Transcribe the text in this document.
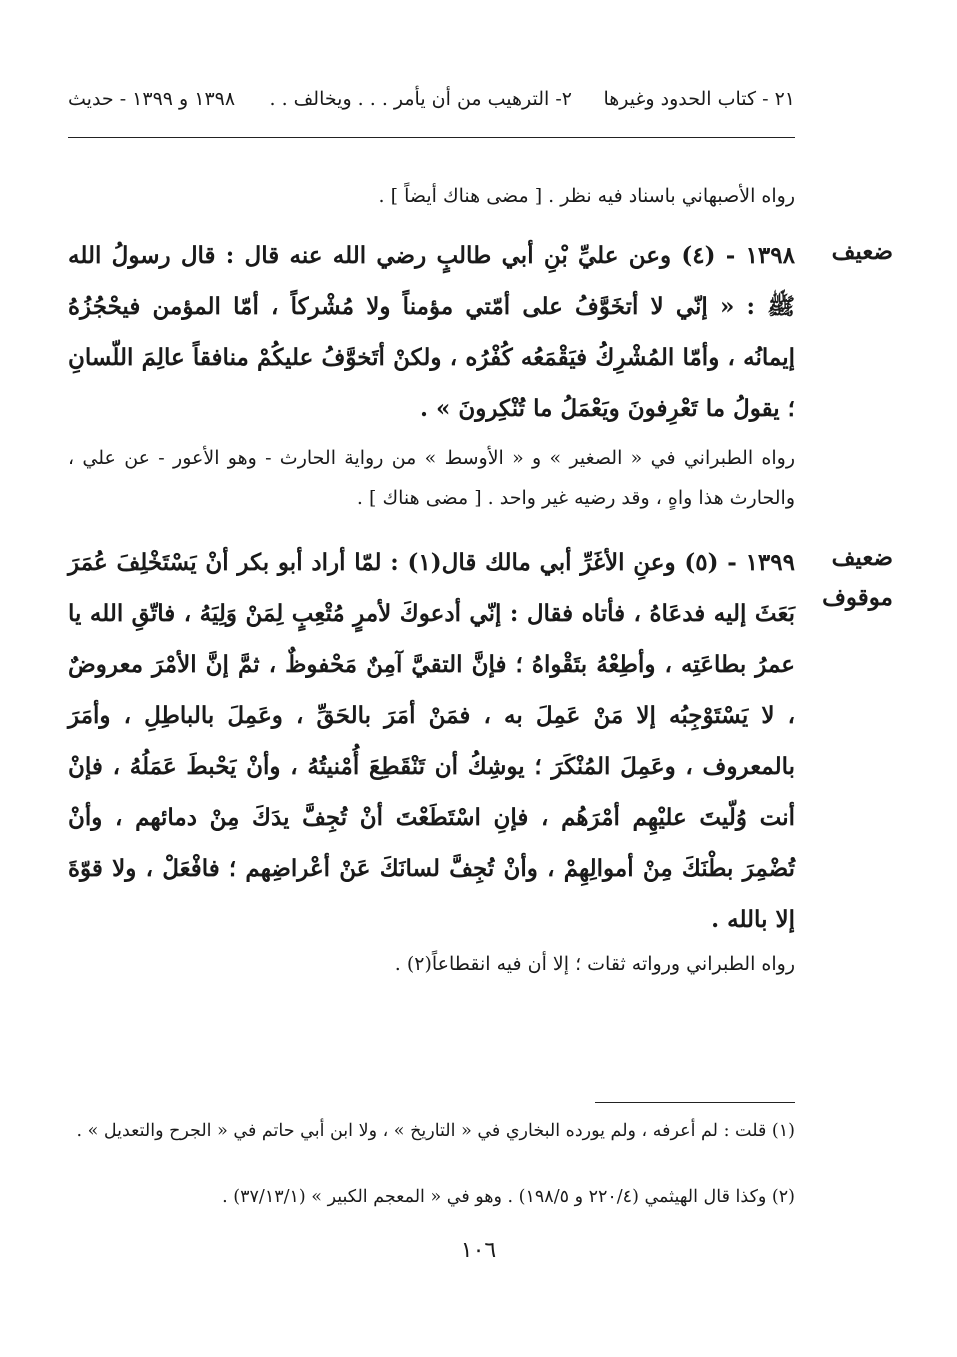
٢١ - كتاب الحدود وغيرها
٢- الترهيب من أن يأمر . . . ويخالف . .
١٣٩٨ و ١٣٩٩ - حديث
رواه الأصبهاني باسناد فيه نظر . [ مضى هناك أيضاً ] .
ضعيف
١٣٩٨ - (٤) وعن عليِّ بْنِ أبي طالبٍ رضي الله عنه قال : قال رسولُ الله ﷺ : « إنّي لا أتخَوَّفُ على أمّتي مؤمناً ولا مُشْركاً ، أمّا المؤمن فيحْجُزُهُ إيمانُه ، وأمّا المُشْرِكُ فيَقْمَعُه كُفْرُه ، ولكنْ أتَخوَّفُ عليكُمْ منافقاً عالِمَ اللّسانِ ؛ يقولُ ما تَعْرِفونَ ويَعْمَلُ ما تُنْكِرونَ » .
رواه الطبراني في « الصغير » و « الأوسط » من رواية الحارث - وهو الأعور - عن علي ، والحارث هذا واهٍ ، وقد رضيه غير واحد . [ مضى هناك ] .
ضعيف
موقوف
١٣٩٩ - (٥) وعنِ الأغَرِّ أبي مالك قال(١) : لمّا أراد أبو بكر أنْ يَسْتَخْلِفَ عُمَرَ بَعَثَ إليه فدعَاهُ ، فأتاه فقال : إنّي أدعوكَ لأمرٍ مُتْعِبٍ لِمَنْ وَلِيَهُ ، فاتّقِ الله يا عمرُ بطاعَتِه ، وأطِعْهُ بتَقْواهُ ؛ فإنَّ التقيَّ آمِنٌ مَحْفوظٌ ، ثمَّ إنَّ الأمْرَ معروضٌ ، لا يَسْتَوْجِبُه إلا مَنْ عَمِلَ به ، فمَنْ أمَرَ بالحَقِّ ، وعَمِلَ بالباطِلِ ، وأمَرَ بالمعروف ، وعَمِلَ المُنْكَرَ ؛ يوشِكُ أن تَنْقَطِعَ أُمْنيتُهُ ، وأنْ يَحْبطَ عَمَلُهُ ، فإنْ أنت وُلّيتَ عليْهِم أمْرَهُم ، فإنِ اسْتَطَعْتَ أنْ تُجِفَّ يدَكَ مِنْ دمائهم ، وأنْ تُضْمِرَ بطْنَكَ مِنْ أموالِهِمْ ، وأنْ تُجِفَّ لسانَكَ عَنْ أعْراضِهم ؛ فافْعَلْ ، ولا قوّةَ إلا بالله .
رواه الطبراني ورواته ثقات ؛ إلا أن فيه انقطاعاً(٢) .
(١) قلت : لم أعرفه ، ولم يورده البخاري في « التاريخ » ، ولا ابن أبي حاتم في « الجرح والتعديل » .
(٢) وكذا قال الهيثمي (٢٢٠/٤ و ١٩٨/٥) . وهو في « المعجم الكبير » (٣٧/١٣/١) .
١٠٦
